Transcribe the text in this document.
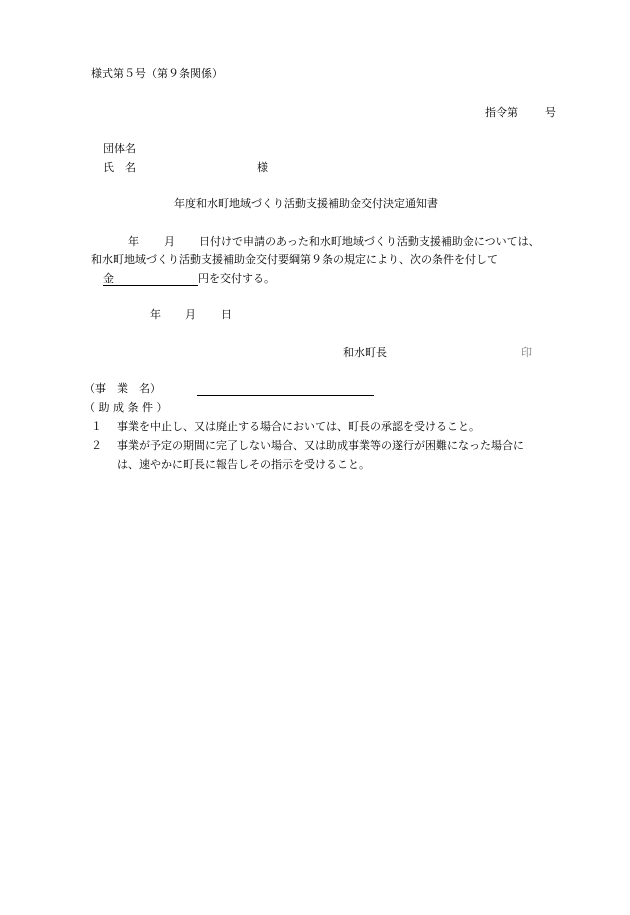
様式第５号（第９条関係）
指令第 号
団体名
氏　名	様
年度和水町地域づくり活動支援補助金交付決定通知書
年 月 日付けで申請のあった和水町地域づくり活動支援補助金については、
和水町地域づくり活動支援補助金交付要綱第９条の規定により、次の条件を付して
金	円を交付する。
年 月 日
和水町長	印
（事　業　名）
（ 助 成 条 件 ）
１ 事業を中止し、又は廃止する場合においては、町長の承認を受けること。
２ 事業が予定の期間に完了しない場合、又は助成事業等の遂行が困難になった場合に
は、速やかに町長に報告しその指示を受けること。
